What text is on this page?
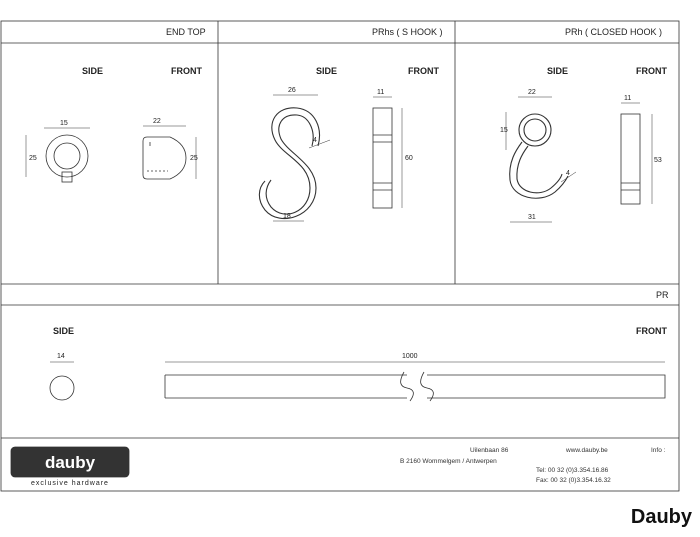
END TOP	PRhs ( S HOOK )	PRh ( CLOSED HOOK )
PR
SIDE	FRONT	SIDE	FRONT	SIDE	FRONT
SIDE	FRONT
15
25
22
25
26
4
18
11
60
22
15
4
31
11
53
1000
14
dauby
exclusive hardware
Info :
www.dauby.be
Uilenbaan 86
B 2160 Wommelgem / Antwerpen
Tel: 00 32 (0)3.354.16.86
Fax: 00 32 (0)3.354.16.32
Dauby
